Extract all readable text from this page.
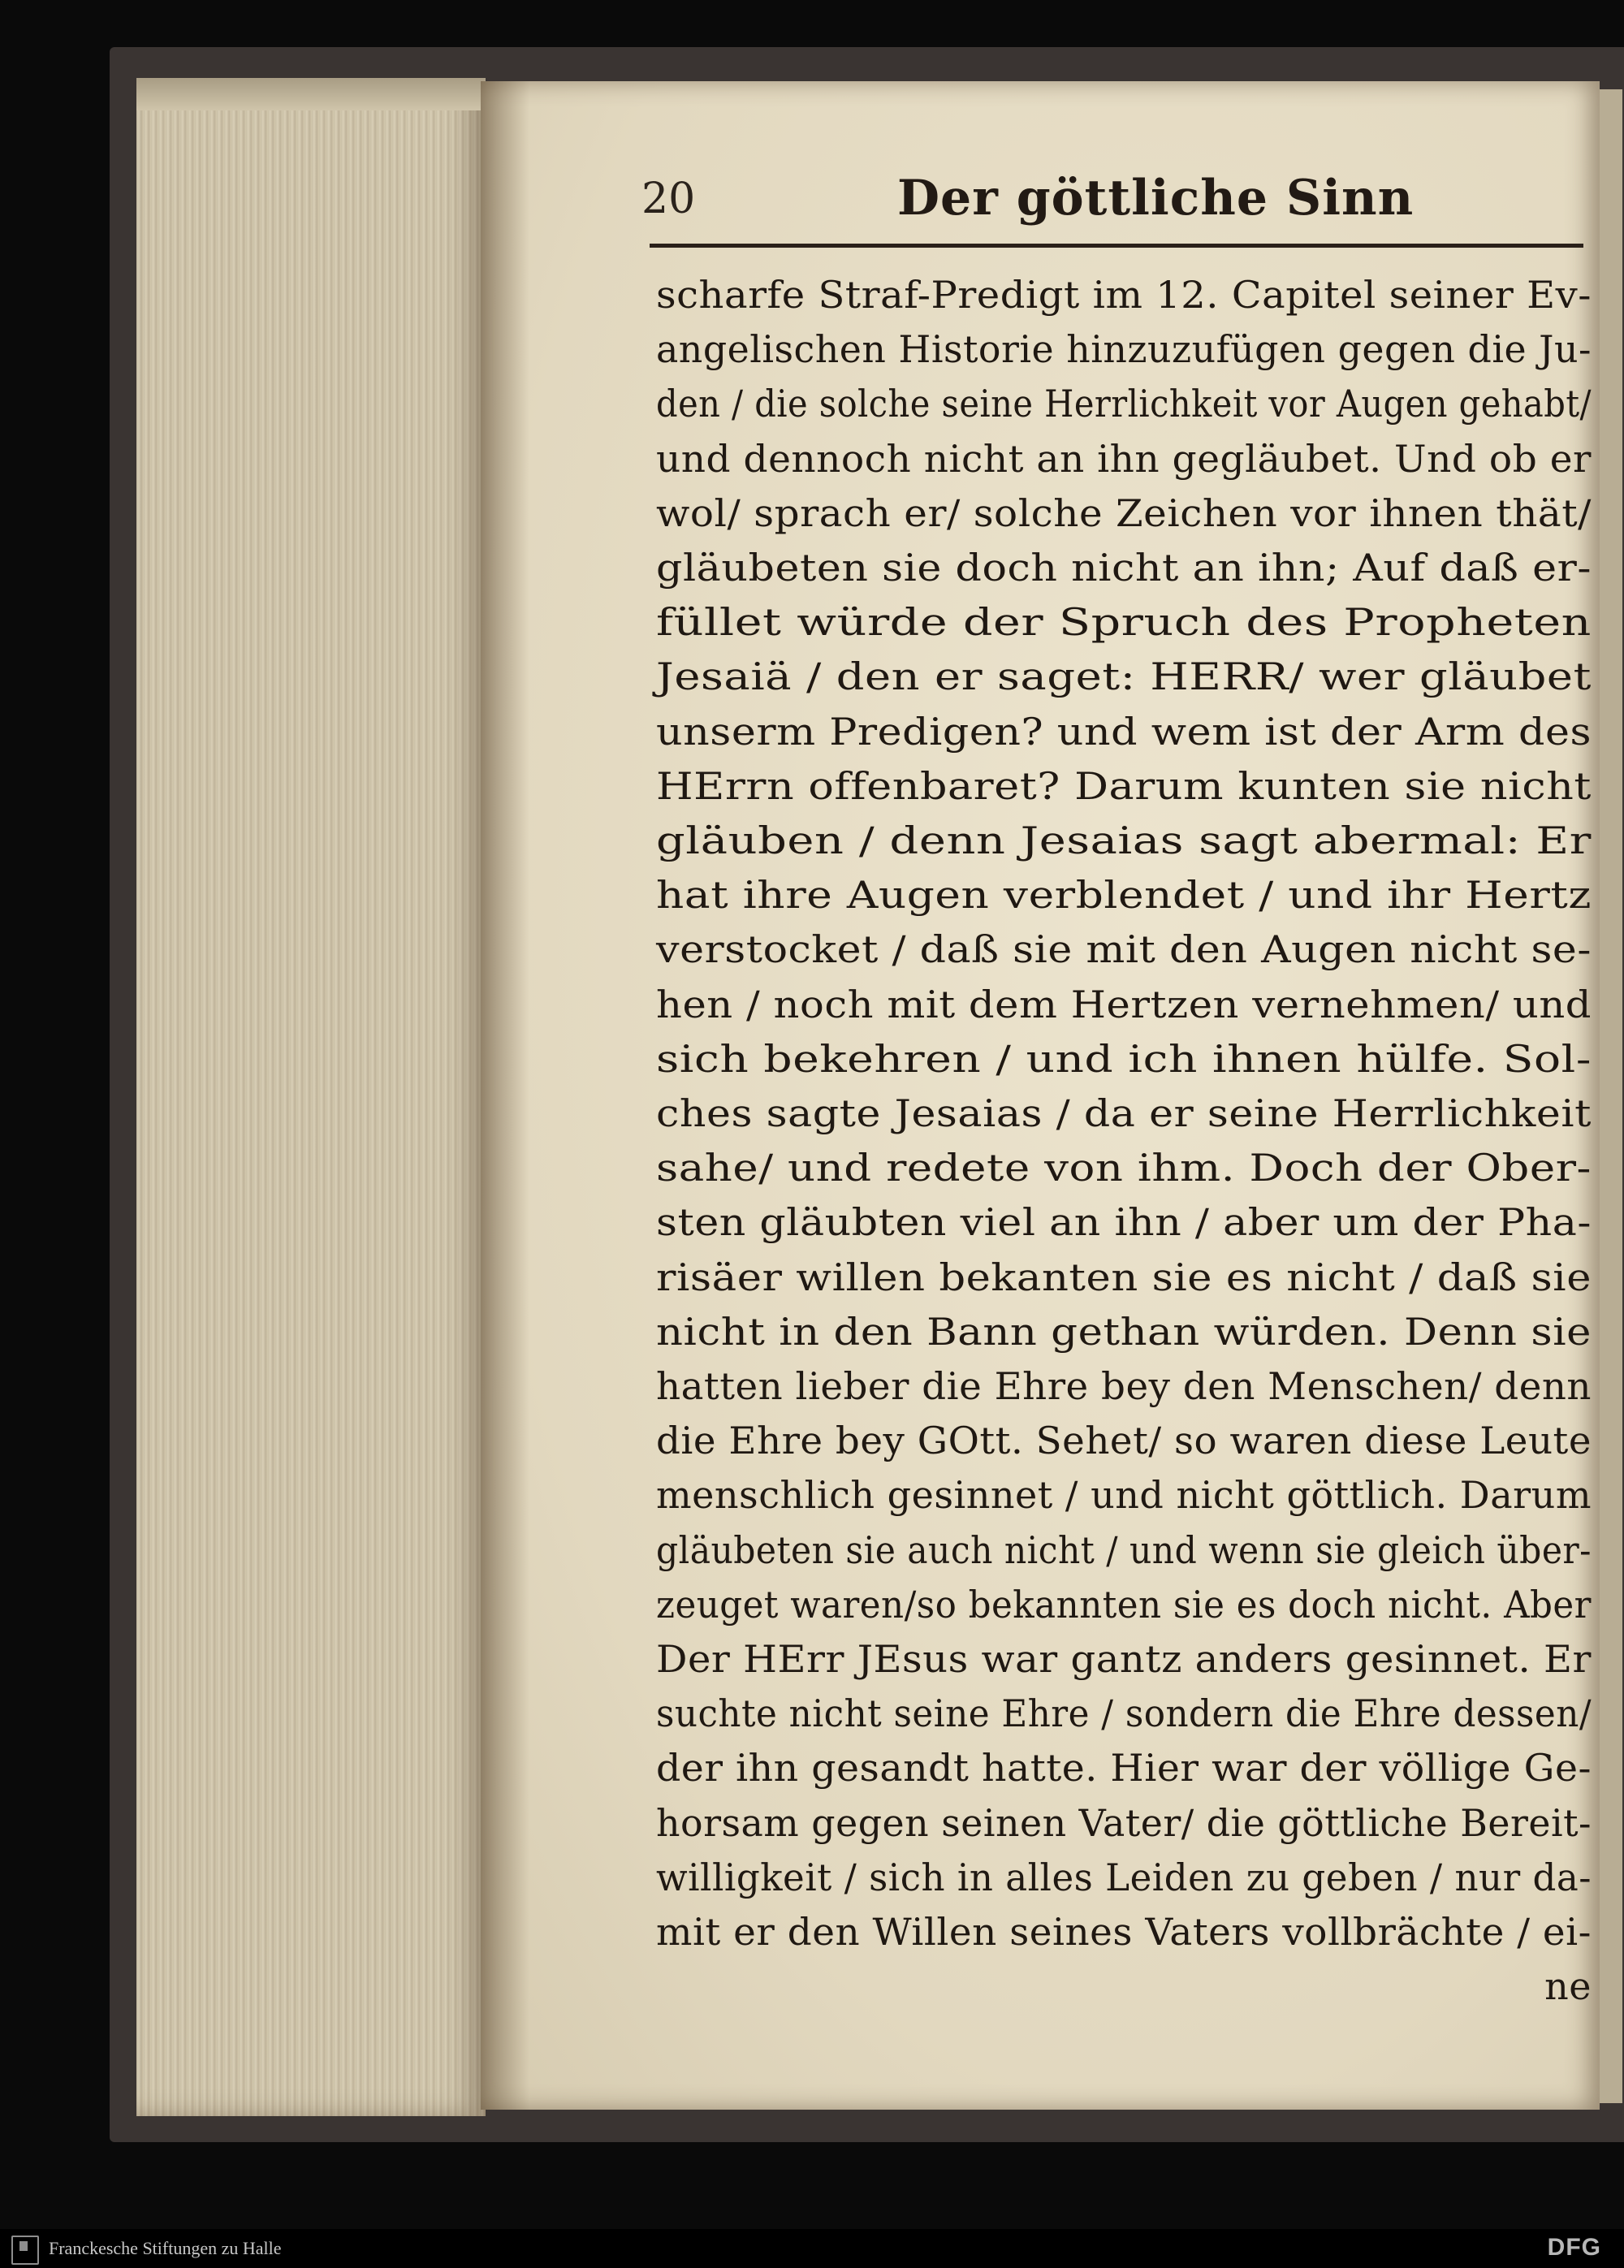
20	Der göttliche Sinn
scharfe Straf-Predigt im 12. Capitel seiner Ev-
angelischen Historie hinzuzufügen gegen die Ju-
den / die solche seine Herrlichkeit vor Augen gehabt/
und dennoch nicht an ihn gegläubet. Und ob er
wol/ sprach er/ solche Zeichen vor ihnen thät/
gläubeten sie doch nicht an ihn; Auf daß er-
füllet würde der Spruch des Propheten
Jesaiä / den er saget: HERR/ wer gläubet
unserm Predigen? und wem ist der Arm des
HErrn offenbaret? Darum kunten sie nicht
gläuben / denn Jesaias sagt abermal: Er
hat ihre Augen verblendet / und ihr Hertz
verstocket / daß sie mit den Augen nicht se-
hen / noch mit dem Hertzen vernehmen/ und
sich bekehren / und ich ihnen hülfe. Sol-
ches sagte Jesaias / da er seine Herrlichkeit
sahe/ und redete von ihm. Doch der Ober-
sten gläubten viel an ihn / aber um der Pha-
risäer willen bekanten sie es nicht / daß sie
nicht in den Bann gethan würden. Denn sie
hatten lieber die Ehre bey den Menschen/ denn
die Ehre bey GOtt. Sehet/ so waren diese Leute
menschlich gesinnet / und nicht göttlich. Darum
gläubeten sie auch nicht / und wenn sie gleich über-
zeuget waren/so bekannten sie es doch nicht. Aber
Der HErr JEsus war gantz anders gesinnet. Er
suchte nicht seine Ehre / sondern die Ehre dessen/
der ihn gesandt hatte. Hier war der völlige Ge-
horsam gegen seinen Vater/ die göttliche Bereit-
willigkeit / sich in alles Leiden zu geben / nur da-
mit er den Willen seines Vaters vollbrächte / ei-
ne
Franckesche Stiftungen zu Halle	DFG
